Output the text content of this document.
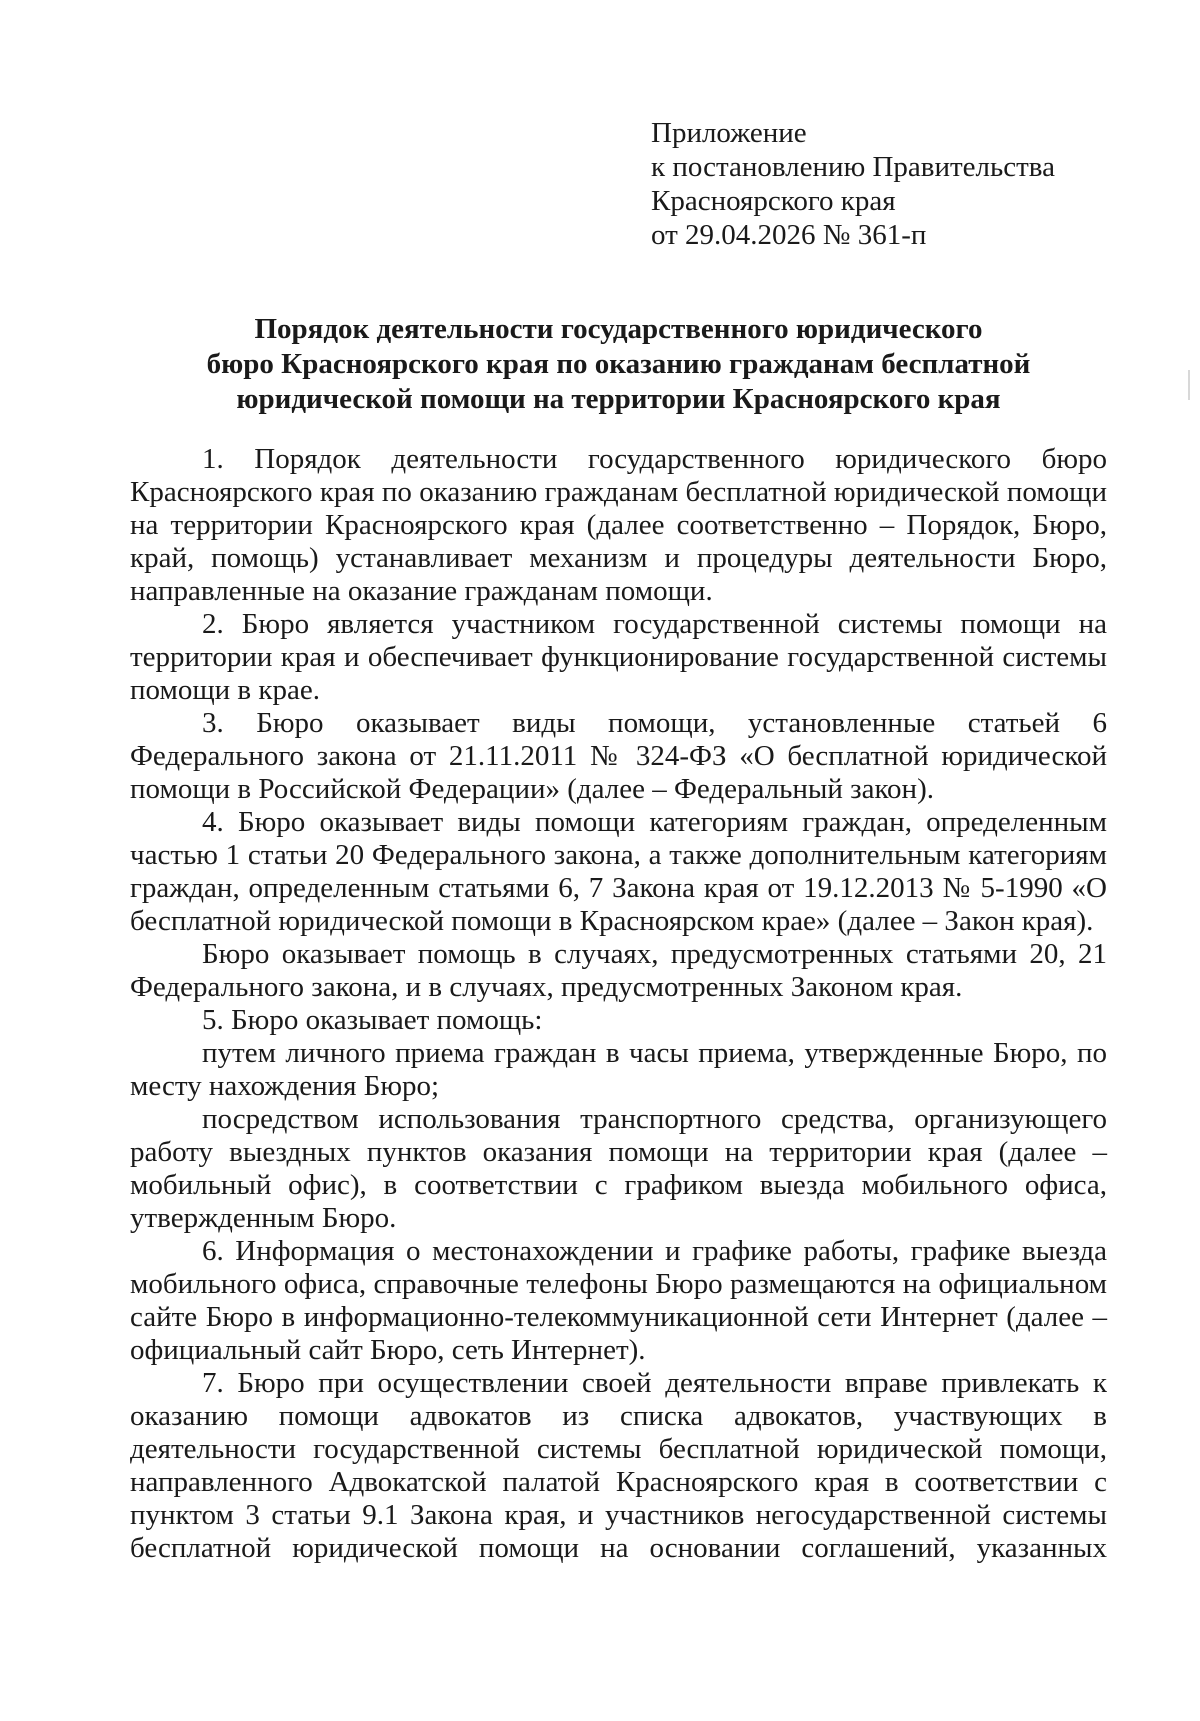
Приложение
к постановлению Правительства
Красноярского края
от 29.04.2026 № 361-п
Порядок деятельности государственного юридического
бюро Красноярского края по оказанию гражданам бесплатной
юридической помощи на территории Красноярского края

1. Порядок деятельности государственного юридического бюро Красноярского края по оказанию гражданам бесплатной юридической помощи на территории Красноярского края (далее соответственно – Порядок, Бюро, край, помощь) устанавливает механизм и процедуры деятельности Бюро, направленные на оказание гражданам помощи.

2. Бюро является участником государственной системы помощи на территории края и обеспечивает функционирование государственной системы помощи в крае.

3. Бюро оказывает виды помощи, установленные статьей 6 Федерального закона от 21.11.2011 № 324-ФЗ «О бесплатной юридической помощи в Российской Федерации» (далее – Федеральный закон).

4. Бюро оказывает виды помощи категориям граждан, определенным частью 1 статьи 20 Федерального закона, а также дополнительным категориям граждан, определенным статьями 6, 7 Закона края от 19.12.2013 № 5-1990 «О бесплатной юридической помощи в Красноярском крае» (далее – Закон края).

Бюро оказывает помощь в случаях, предусмотренных статьями 20, 21 Федерального закона, и в случаях, предусмотренных Законом края.

5. Бюро оказывает помощь:

путем личного приема граждан в часы приема, утвержденные Бюро, по месту нахождения Бюро;

посредством использования транспортного средства, организующего работу выездных пунктов оказания помощи на территории края (далее – мобильный офис), в соответствии с графиком выезда мобильного офиса, утвержденным Бюро.

6. Информация о местонахождении и графике работы, графике выезда мобильного офиса, справочные телефоны Бюро размещаются на официальном сайте Бюро в информационно-телекоммуникационной сети Интернет (далее – официальный сайт Бюро, сеть Интернет).

7. Бюро при осуществлении своей деятельности вправе привлекать к оказанию помощи адвокатов из списка адвокатов, участвующих в деятельности государственной системы бесплатной юридической помощи, направленного Адвокатской палатой Красноярского края в соответствии с пунктом 3 статьи 9.1 Закона края, и участников негосударственной системы бесплатной юридической помощи на основании соглашений, указанных
